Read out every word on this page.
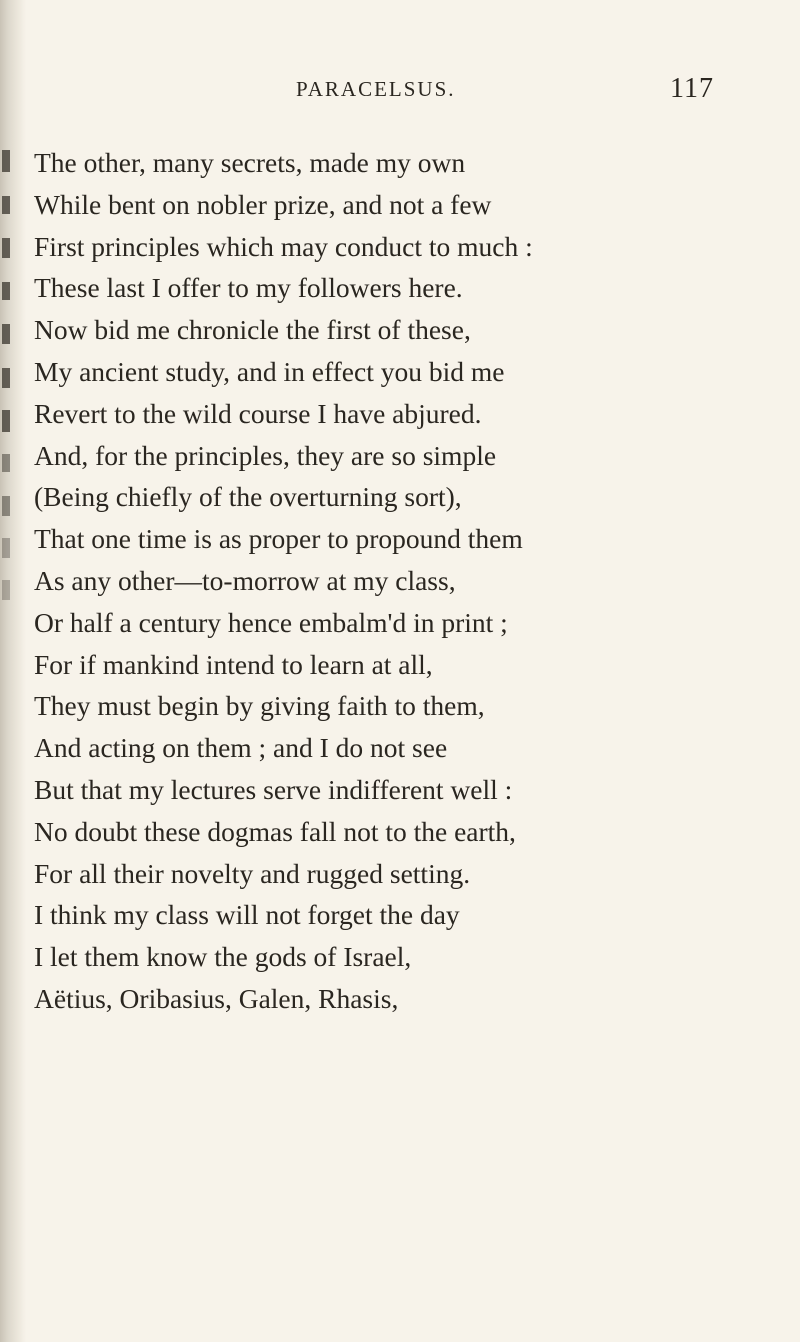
PARACELSUS.	117
The other, many secrets, made my own
While bent on nobler prize, and not a few
First principles which may conduct to much :
These last I offer to my followers here.
Now bid me chronicle the first of these,
My ancient study, and in effect you bid me
Revert to the wild course I have abjured.
And, for the principles, they are so simple
(Being chiefly of the overturning sort),
That one time is as proper to propound them
As any other—to-morrow at my class,
Or half a century hence embalm'd in print ;
For if mankind intend to learn at all,
They must begin by giving faith to them,
And acting on them ; and I do not see
But that my lectures serve indifferent well :
No doubt these dogmas fall not to the earth,
For all their novelty and rugged setting.
I think my class will not forget the day
I let them know the gods of Israel,
Aëtius, Oribasius, Galen, Rhasis,
